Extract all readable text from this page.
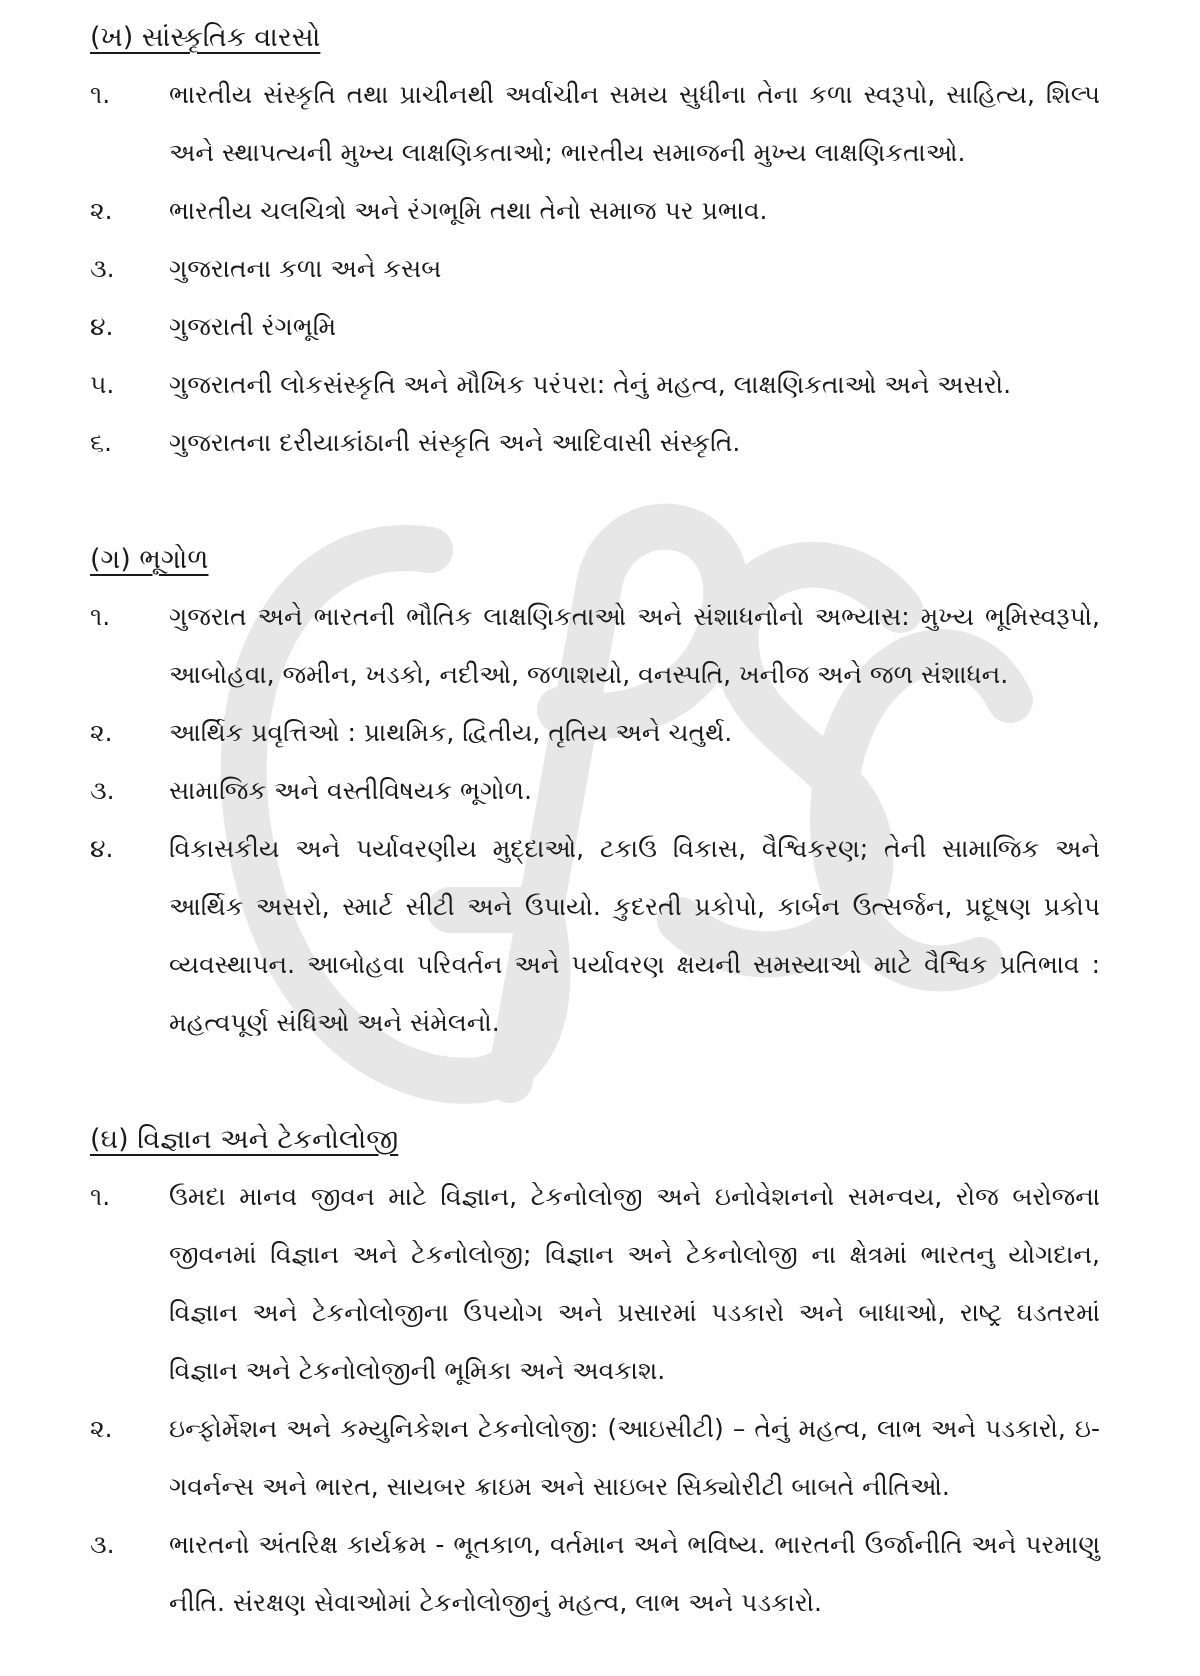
(ખ) સાંસ્કૃતિક વારસો
૧.	ભારતીય સંસ્કૃતિ તથા પ્રાચીનથી અર્વાચીન સમય સુધીના તેના કળા સ્વરૂપો, સાહિત્ય, શિલ્પ અને સ્થાપત્યની મુખ્ય લાક્ષણિકતાઓ; ભારતીય સમાજની મુખ્ય લાક્ષણિકતાઓ.
૨.	ભારતીય ચલચિત્રો અને રંગભૂમિ તથા તેનો સમાજ પર પ્રભાવ.
૩.	ગુજરાતના કળા અને કસબ
૪.	ગુજરાતી રંગભૂમિ
૫.	ગુજરાતની લોકસંસ્કૃતિ અને મૌખિક પરંપરા: તેનું મહત્વ, લાક્ષણિકતાઓ અને અસરો.
૬.	ગુજરાતના દરીયાકાંઠાની સંસ્કૃતિ અને આદિવાસી સંસ્કૃતિ.
(ગ) ભૂગોળ
૧.	ગુજરાત અને ભારતની ભૌતિક લાક્ષણિકતાઓ અને સંશાધનોનો અભ્યાસ: મુખ્ય ભૂમિસ્વરૂપો, આબોહવા, જમીન, ખડકો, નદીઓ, જળાશયો, વનસ્પતિ, ખનીજ અને જળ સંશાધન.
૨.	આર્થિક પ્રવૃત્તિઓ : પ્રાથમિક, દ્વિતીય, તૃતિય અને ચતુર્થ.
૩.	સામાજિક અને વસ્તીવિષયક ભૂગોળ.
૪.	વિકાસકીય અને પર્યાવરણીય મુદ્દાઓ, ટકાઉ વિકાસ, વૈશ્વિકરણ; તેની સામાજિક અને આર્થિક અસરો, સ્માર્ટ સીટી અને ઉપાયો. કુદરતી પ્રકોપો, કાર્બન ઉત્સર્જન, પ્રદૂષણ પ્રકોપ વ્યવસ્થાપન. આબોહવા પરિવર્તન અને પર્યાવરણ ક્ષયની સમસ્યાઓ માટે વૈશ્વિક પ્રતિભાવ : મહત્વપૂર્ણ સંધિઓ અને સંમેલનો.
(ઘ) વિજ્ઞાન અને ટેકનોલોજી
૧.	ઉમદા માનવ જીવન માટે વિજ્ઞાન, ટેકનોલોજી અને ઇનોવેશનનો સમન્વય, રોજ બરોજના જીવનમાં વિજ્ઞાન અને ટેકનોલોજી; વિજ્ઞાન અને ટેકનોલોજી ના ક્ષેત્રમાં ભારતનુ યોગદાન, વિજ્ઞાન અને ટેકનોલોજીના ઉપયોગ અને પ્રસારમાં પડકારો અને બાધાઓ, રાષ્ટ્ર ઘડતરમાં વિજ્ઞાન અને ટેકનોલોજીની ભૂમિકા અને અવકાશ.
૨.	ઇન્ફોર્મેશન અને કમ્યુનિકેશન ટેકનોલોજી: (આઇસીટી) – તેનું મહત્વ, લાભ અને પડકારો, ઇ-ગવર્નન્સ અને ભારત, સાયબર ક્રાઇમ અને સાઇબર સિક્યોરીટી બાબતે નીતિઓ.
૩.	ભારતનો અંતરિક્ષ કાર્યક્રમ - ભૂતકાળ, વર્તમાન અને ભવિષ્ય. ભારતની ઉર્જાનીતિ અને પરમાણુ નીતિ. સંરક્ષણ સેવાઓમાં ટેકનોલોજીનું મહત્વ, લાભ અને પડકારો.
